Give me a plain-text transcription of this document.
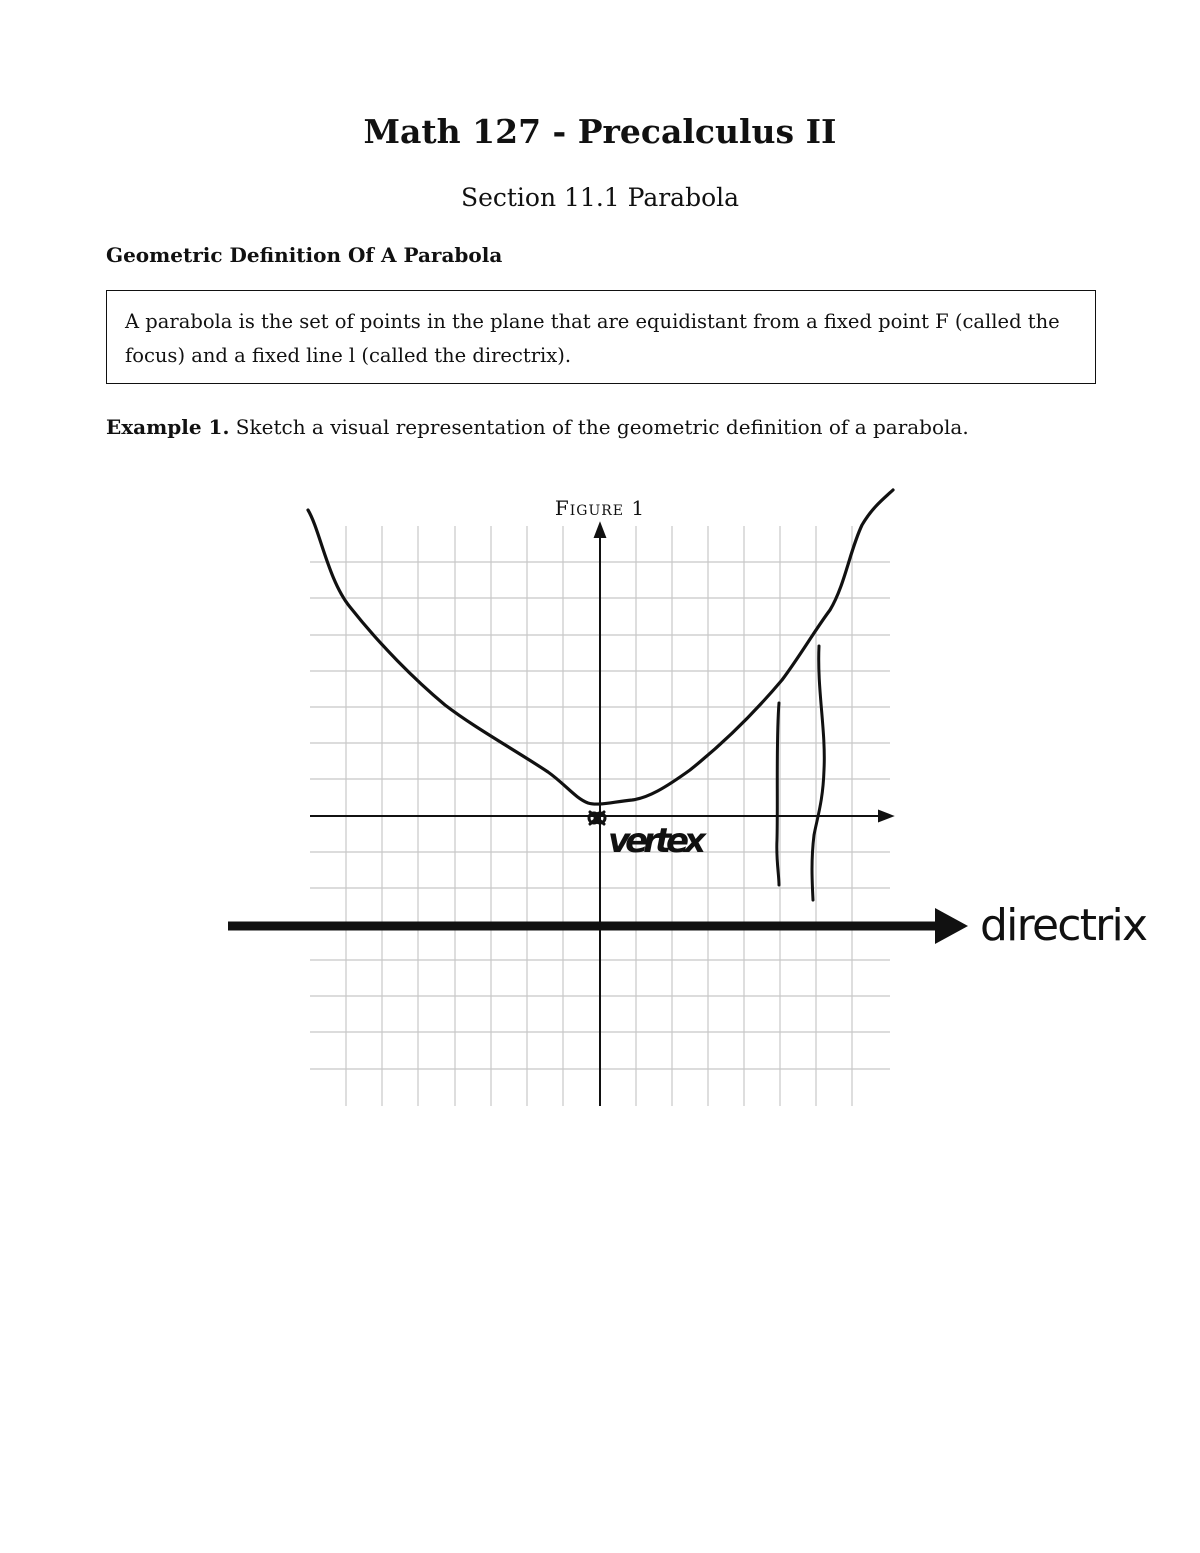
Math 127 - Precalculus II
Section 11.1 Parabola
Geometric Definition Of A Parabola
A parabola is the set of points in the plane that are equidistant from a fixed point F (called the
focus) and a fixed line l (called the directrix).
Example 1. Sketch a visual representation of the geometric definition of a parabola.
Figure 1
vertex
directrix
